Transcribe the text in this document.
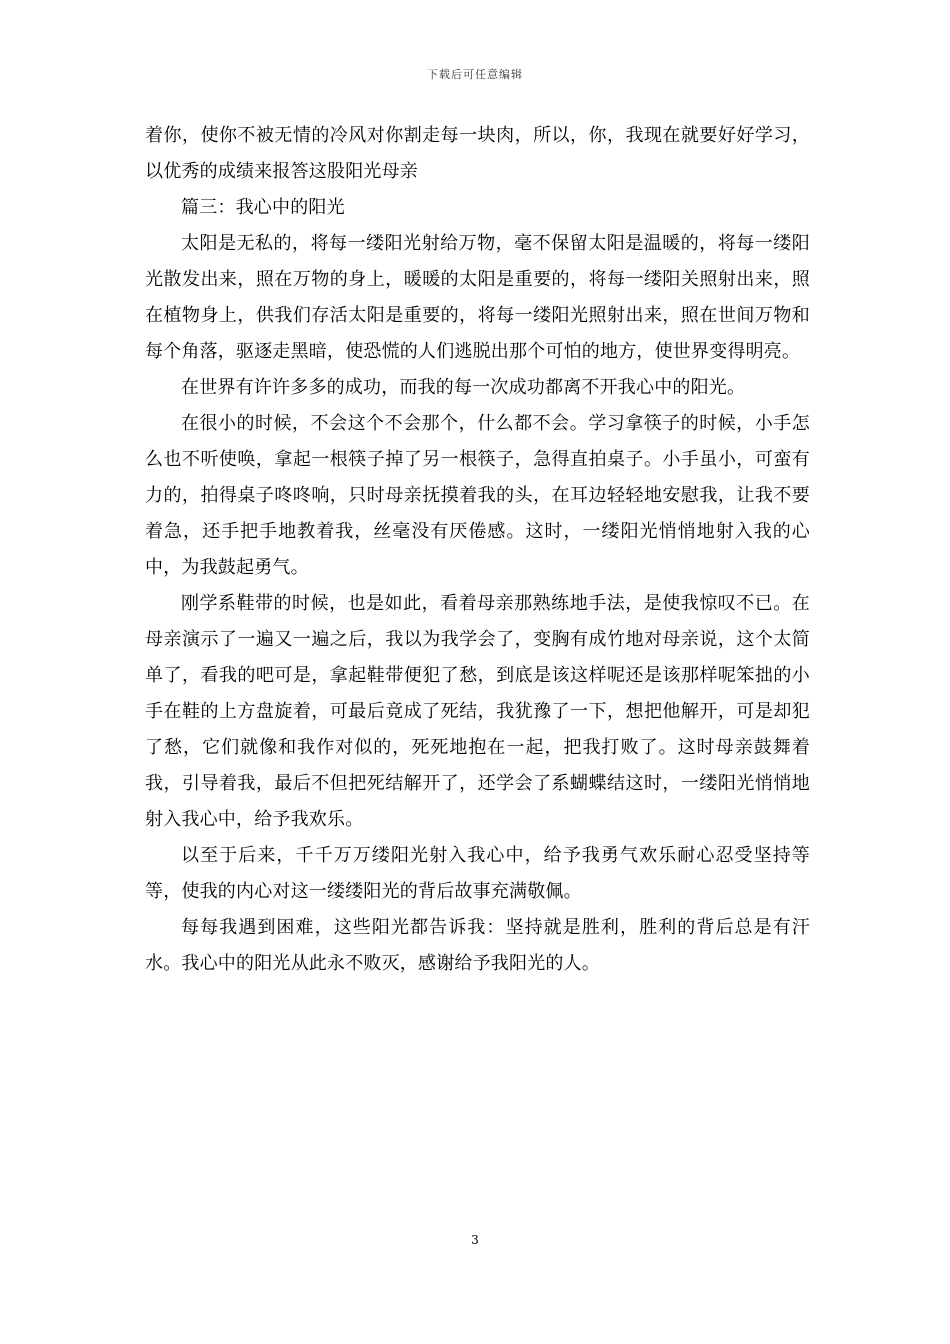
下载后可任意编辑

着你，使你不被无情的冷风对你割走每一块肉，所以，你，我现在就要好好学习，以优秀的成绩来报答这股阳光母亲

篇三：我心中的阳光

太阳是无私的，将每一缕阳光射给万物，毫不保留太阳是温暖的，将每一缕阳光散发出来，照在万物的身上，暖暖的太阳是重要的，将每一缕阳关照射出来，照在植物身上，供我们存活太阳是重要的，将每一缕阳光照射出来，照在世间万物和每个角落，驱逐走黑暗，使恐慌的人们逃脱出那个可怕的地方，使世界变得明亮。

在世界有许许多多的成功，而我的每一次成功都离不开我心中的阳光。

在很小的时候，不会这个不会那个，什么都不会。学习拿筷子的时候，小手怎么也不听使唤，拿起一根筷子掉了另一根筷子，急得直拍桌子。小手虽小，可蛮有力的，拍得桌子咚咚响，只时母亲抚摸着我的头，在耳边轻轻地安慰我，让我不要着急，还手把手地教着我，丝毫没有厌倦感。这时，一缕阳光悄悄地射入我的心中，为我鼓起勇气。

刚学系鞋带的时候，也是如此，看着母亲那熟练地手法，是使我惊叹不已。在母亲演示了一遍又一遍之后，我以为我学会了，变胸有成竹地对母亲说，这个太简单了，看我的吧可是，拿起鞋带便犯了愁，到底是该这样呢还是该那样呢笨拙的小手在鞋的上方盘旋着，可最后竟成了死结，我犹豫了一下，想把他解开，可是却犯了愁，它们就像和我作对似的，死死地抱在一起，把我打败了。这时母亲鼓舞着我，引导着我，最后不但把死结解开了，还学会了系蝴蝶结这时，一缕阳光悄悄地射入我心中，给予我欢乐。

以至于后来，千千万万缕阳光射入我心中，给予我勇气欢乐耐心忍受坚持等等，使我的内心对这一缕缕阳光的背后故事充满敬佩。

每每我遇到困难，这些阳光都告诉我：坚持就是胜利，胜利的背后总是有汗水。我心中的阳光从此永不败灭，感谢给予我阳光的人。

3
